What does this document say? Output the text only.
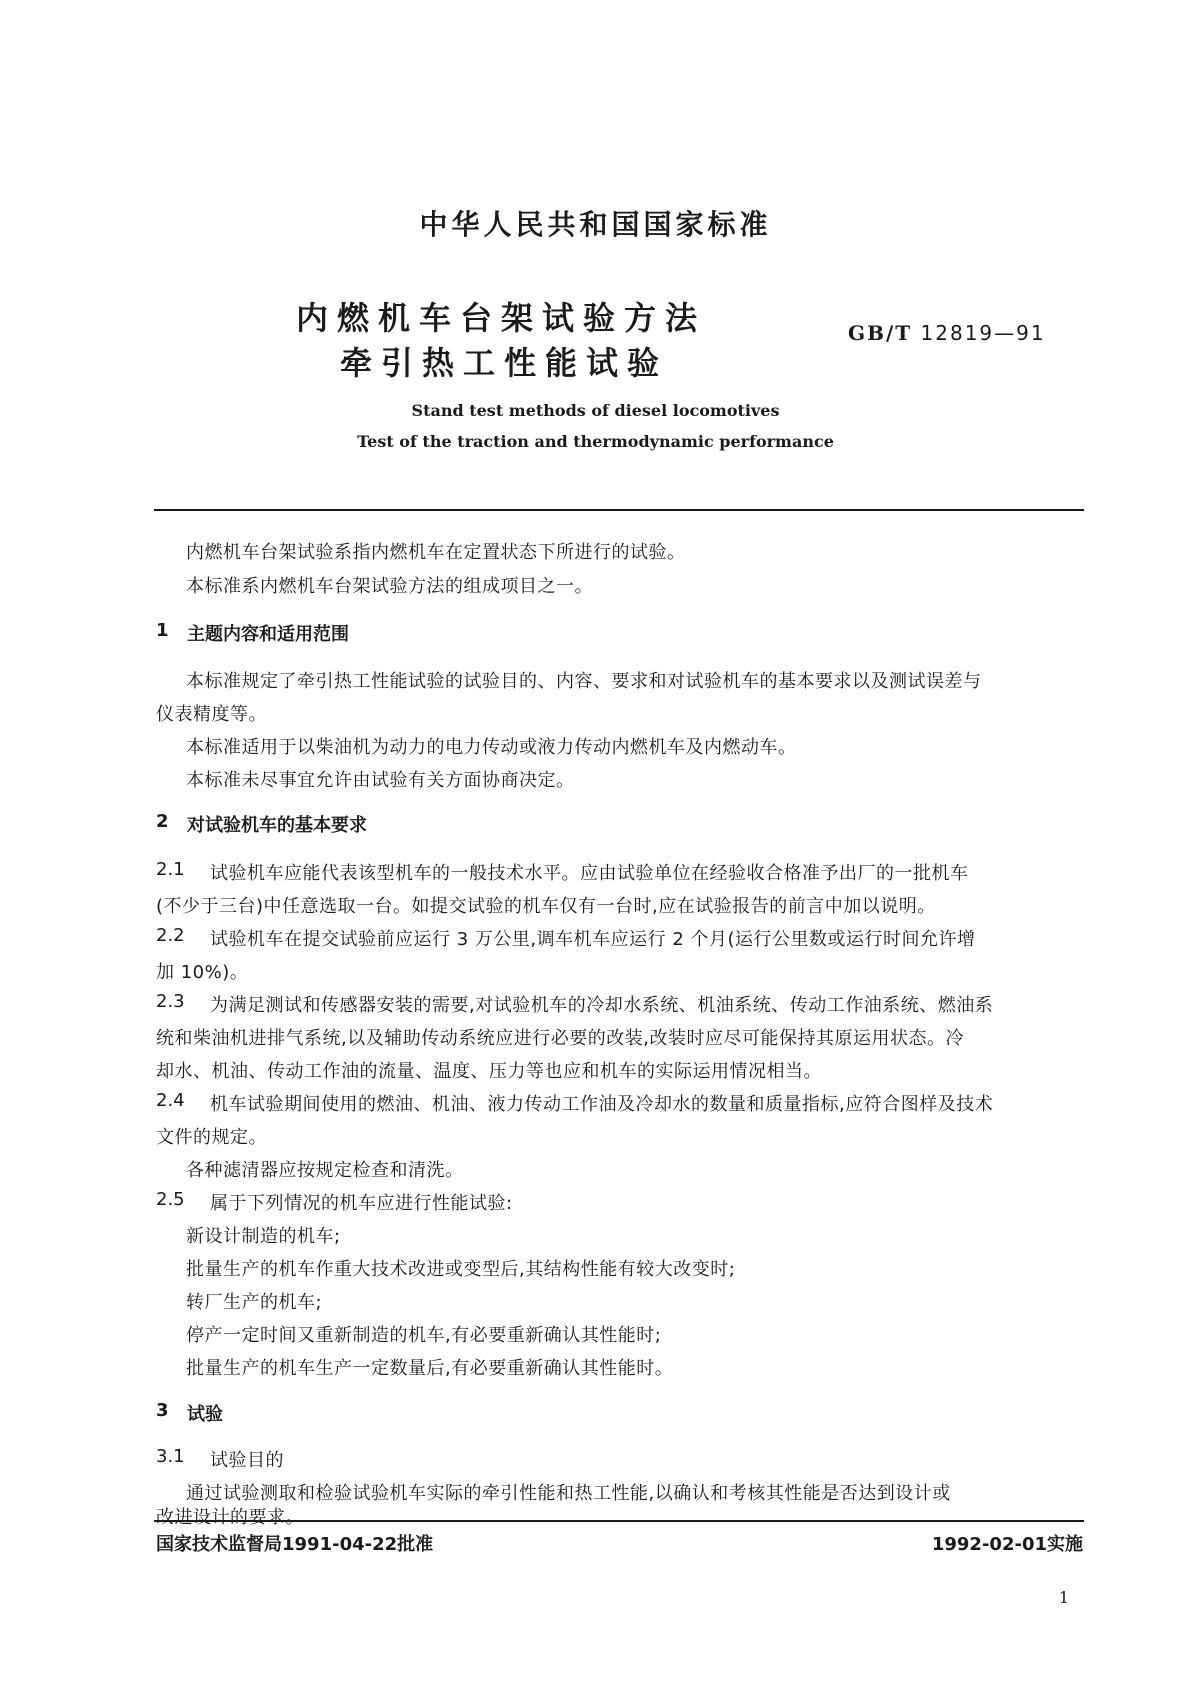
中华人民共和国国家标准
内燃机车台架试验方法
牵引热工性能试验
GB/T 12819—91
Stand test methods of diesel locomotives
Test of the traction and thermodynamic performance
内燃机车台架试验系指内燃机车在定置状态下所进行的试验。
本标准系内燃机车台架试验方法的组成项目之一。
1 主题内容和适用范围
本标准规定了牵引热工性能试验的试验目的、内容、要求和对试验机车的基本要求以及测试误差与
仪表精度等。
本标准适用于以柴油机为动力的电力传动或液力传动内燃机车及内燃动车。
本标准未尽事宜允许由试验有关方面协商决定。
2 对试验机车的基本要求
2.1 试验机车应能代表该型机车的一般技术水平。应由试验单位在经验收合格准予出厂的一批机车
(不少于三台)中任意选取一台。如提交试验的机车仅有一台时,应在试验报告的前言中加以说明。
2.2 试验机车在提交试验前应运行 3 万公里,调车机车应运行 2 个月(运行公里数或运行时间允许增
加 10%)。
2.3 为满足测试和传感器安装的需要,对试验机车的冷却水系统、机油系统、传动工作油系统、燃油系
统和柴油机进排气系统,以及辅助传动系统应进行必要的改装,改装时应尽可能保持其原运用状态。冷
却水、机油、传动工作油的流量、温度、压力等也应和机车的实际运用情况相当。
2.4 机车试验期间使用的燃油、机油、液力传动工作油及冷却水的数量和质量指标,应符合图样及技术
文件的规定。
各种滤清器应按规定检查和清洗。
2.5 属于下列情况的机车应进行性能试验:
新设计制造的机车;
批量生产的机车作重大技术改进或变型后,其结构性能有较大改变时;
转厂生产的机车;
停产一定时间又重新制造的机车,有必要重新确认其性能时;
批量生产的机车生产一定数量后,有必要重新确认其性能时。
3 试验
3.1 试验目的
通过试验测取和检验试验机车实际的牵引性能和热工性能,以确认和考核其性能是否达到设计或
改进设计的要求。
国家技术监督局1991-04-22批准	1992-02-01实施
1
